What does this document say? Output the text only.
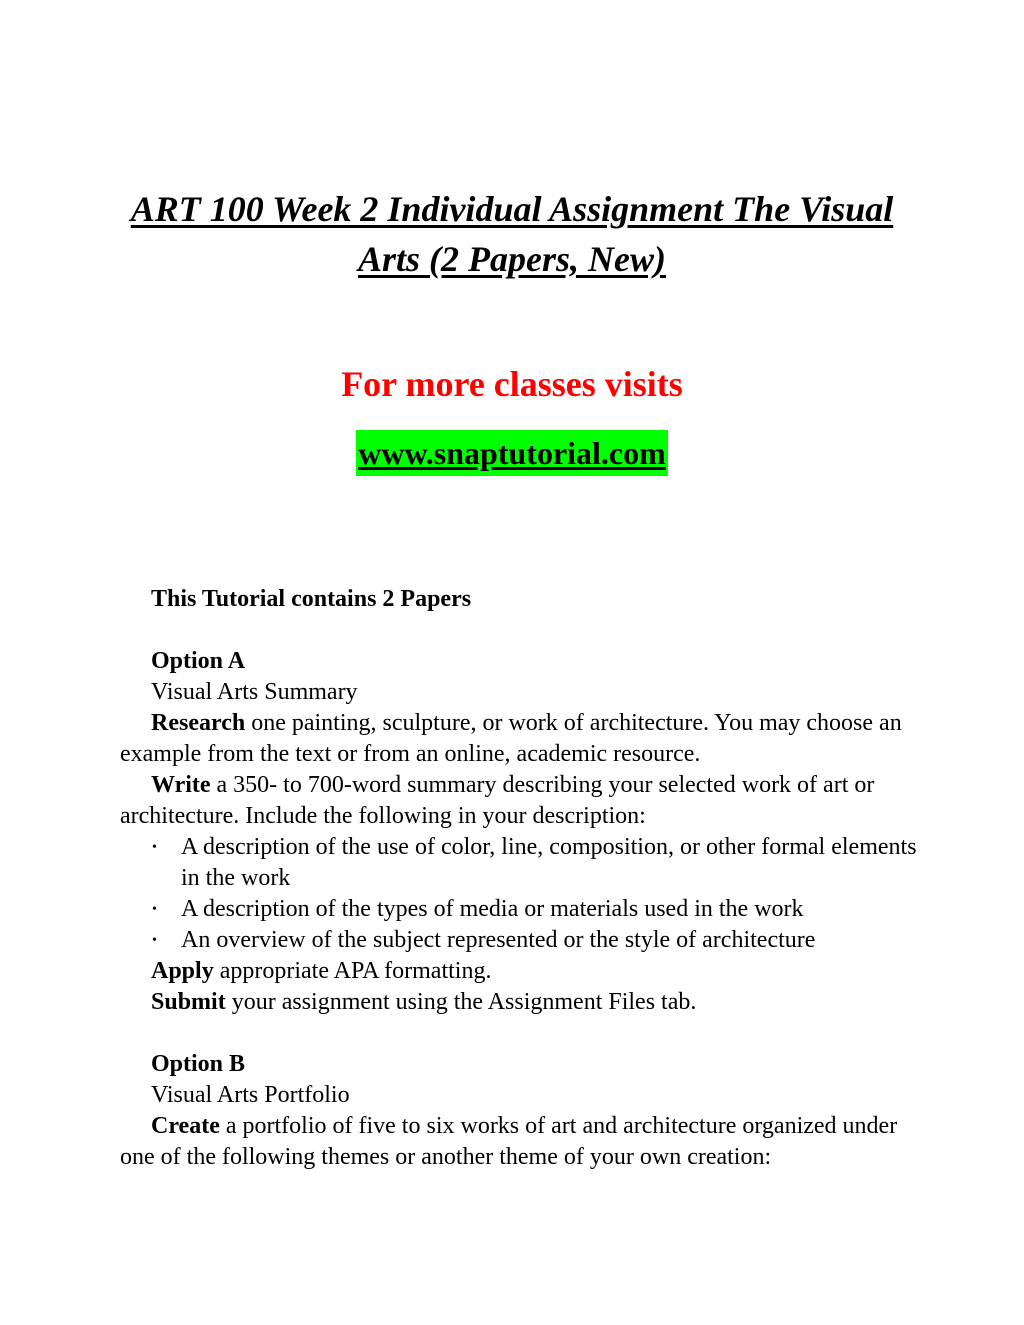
ART 100 Week 2 Individual Assignment The Visual Arts (2 Papers, New)
For more classes visits
www.snaptutorial.com

This Tutorial contains 2 Papers

Option A

Visual Arts Summary

Research one painting, sculpture, or work of architecture. You may choose an example from the text or from an online, academic resource.

Write a 350- to 700-word summary describing your selected work of art or architecture. Include the following in your description:

• A description of the use of color, line, composition, or other formal elements in the work
• A description of the types of media or materials used in the work
• An overview of the subject represented or the style of architecture

Apply appropriate APA formatting.

Submit your assignment using the Assignment Files tab.

Option B

Visual Arts Portfolio

Create a portfolio of five to six works of art and architecture organized under one of the following themes or another theme of your own creation:
